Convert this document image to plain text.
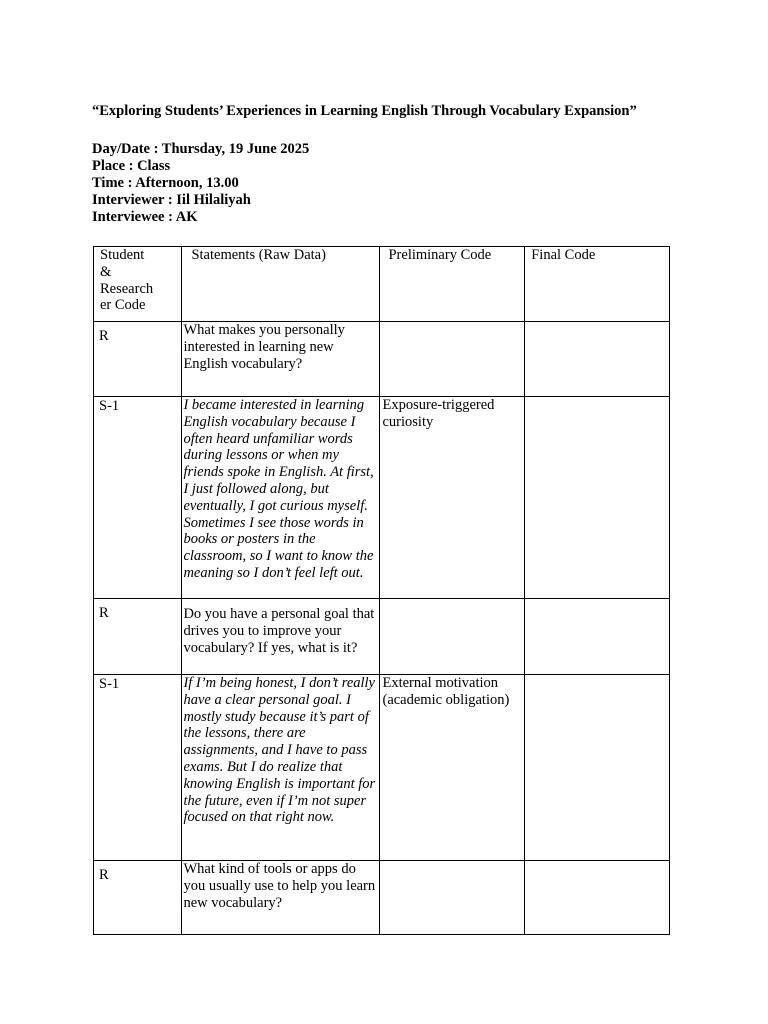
“Exploring Students’ Experiences in Learning English Through Vocabulary Expansion”
Day/Date : Thursday, 19 June 2025
Place : Class
Time : Afternoon, 13.00
Interviewer : Iil Hilaliyah
Interviewee : AK
Student
&
Research
er Code	Statements (Raw Data)	Preliminary Code	Final Code
R	What makes you personally interested in learning new English vocabulary?		
S-1	I became interested in learning English vocabulary because I often heard unfamiliar words during lessons or when my friends spoke in English. At first, I just followed along, but eventually, I got curious myself. Sometimes I see those words in books or posters in the classroom, so I want to know the meaning so I don’t feel left out.	Exposure-triggered curiosity	
R	Do you have a personal goal that drives you to improve your vocabulary? If yes, what is it?		
S-1	If I’m being honest, I don’t really have a clear personal goal. I mostly study because it’s part of the lessons, there are assignments, and I have to pass exams. But I do realize that knowing English is important for the future, even if I’m not super focused on that right now.	External motivation (academic obligation)	
R	What kind of tools or apps do you usually use to help you learn new vocabulary?		
